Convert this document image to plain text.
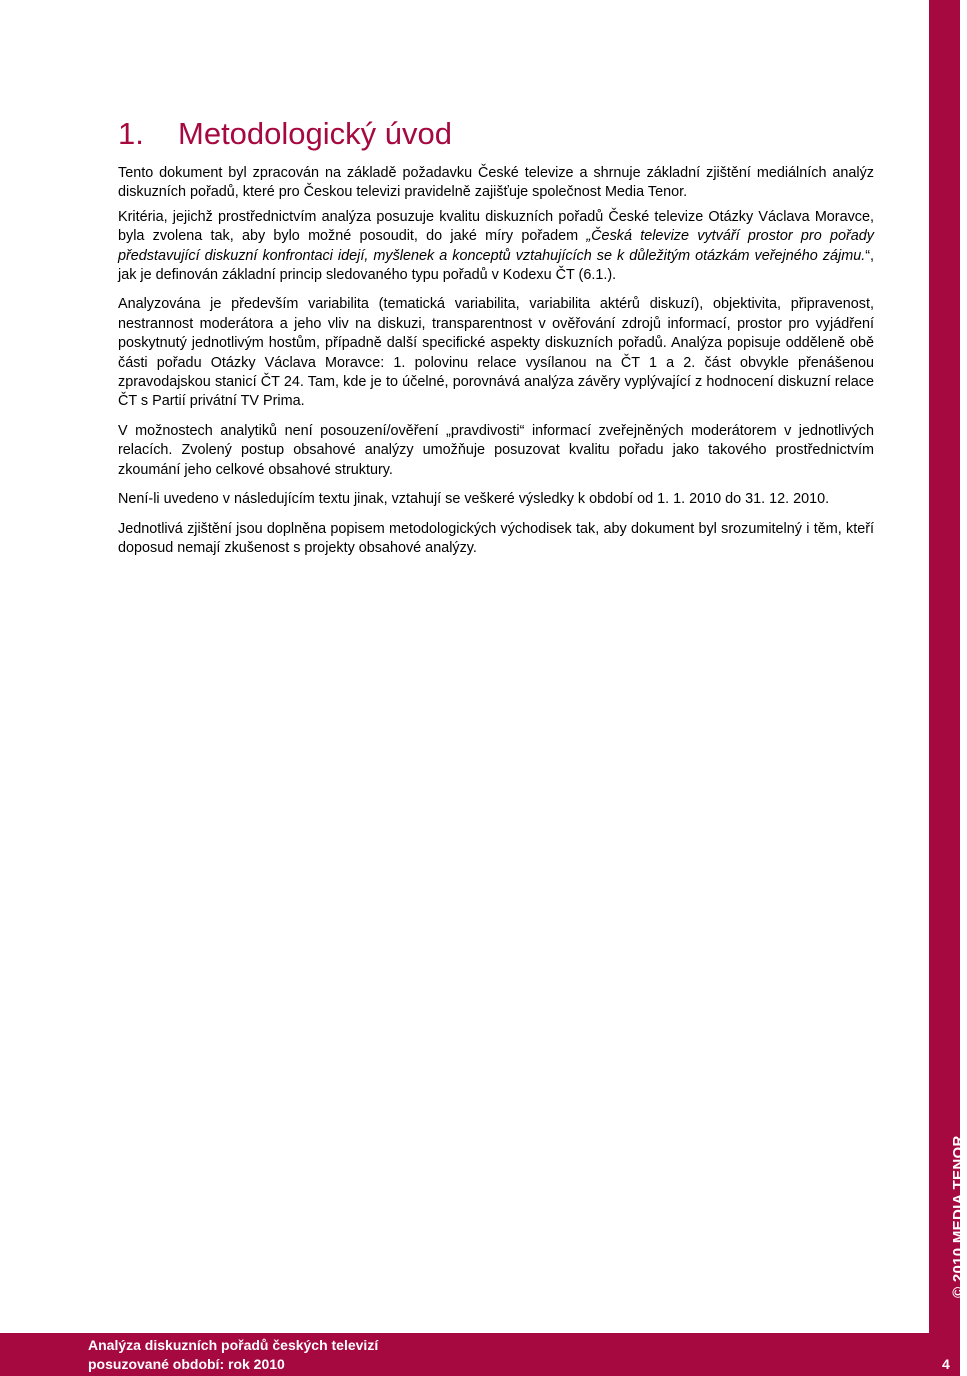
1. Metodologický úvod

Tento dokument byl zpracován na základě požadavku České televize a shrnuje základní zjištění mediálních analýz diskuzních pořadů, které pro Českou televizi pravidelně zajišťuje společnost Media Tenor.

Kritéria, jejichž prostřednictvím analýza posuzuje kvalitu diskuzních pořadů České televize Otázky Václava Moravce, byla zvolena tak, aby bylo možné posoudit, do jaké míry pořadem „Česká televize vytváří prostor pro pořady představující diskuzní konfrontaci idejí, myšlenek a konceptů vztahujících se k důležitým otázkám veřejného zájmu.“, jak je definován základní princip sledovaného typu pořadů v Kodexu ČT (6.1.).

Analyzována je především variabilita (tematická variabilita, variabilita aktérů diskuzí), objektivita, připravenost, nestrannost moderátora a jeho vliv na diskuzi, transparentnost v ověřování zdrojů informací, prostor pro vyjádření poskytnutý jednotlivým hostům, případně další specifické aspekty diskuzních pořadů. Analýza popisuje odděleně obě části pořadu Otázky Václava Moravce: 1. polovinu relace vysílanou na ČT 1 a 2. část obvykle přenášenou zpravodajskou stanicí ČT 24. Tam, kde je to účelné, porovnává analýza závěry vyplývající z hodnocení diskuzní relace ČT s Partií privátní TV Prima.

V možnostech analytiků není posouzení/ověření „pravdivosti“ informací zveřejněných moderátorem v jednotlivých relacích. Zvolený postup obsahové analýzy umožňuje posuzovat kvalitu pořadu jako takového prostřednictvím zkoumání jeho celkové obsahové struktury.

Není-li uvedeno v následujícím textu jinak, vztahují se veškeré výsledky k období od 1. 1. 2010 do 31. 12. 2010.

Jednotlivá zjištění jsou doplněna popisem metodologických východisek tak, aby dokument byl srozumitelný i těm, kteří doposud nemají zkušenost s projekty obsahové analýzy.

© 2010 MEDIA TENOR
Analýza diskuzních pořadů českých televizí
posuzované období: rok 2010	4
